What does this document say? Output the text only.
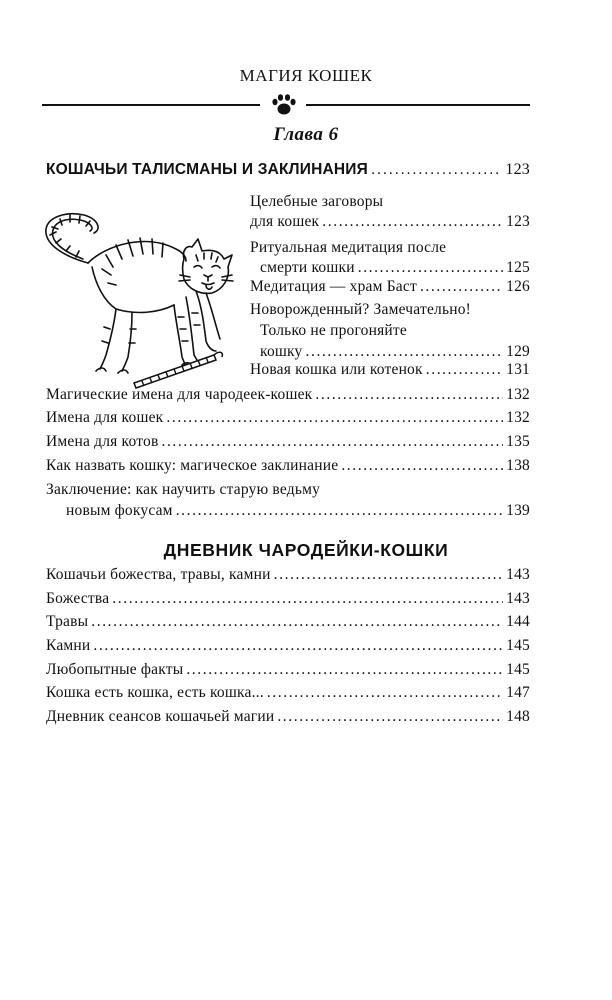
МАГИЯ КОШЕК
Глава 6
КОШАЧЬИ ТАЛИСМАНЫ И ЗАКЛИНАНИЯ .....	123
Целебные заговоры
для кошек .....	123
Ритуальная медитация после
смерти кошки .....	125
Медитация — храм Баст .....	126
Новорожденный? Замечательно!
Только не прогоняйте
кошку .....	129
Новая кошка или котенок .....	131
Магические имена для чародеек-кошек .....	132
Имена для кошек .....	132
Имена для котов .....	135
Как назвать кошку: магическое заклинание .....	138
Заключение: как научить старую ведьму
новым фокусам .....	139
ДНЕВНИК ЧАРОДЕЙКИ-КОШКИ
Кошачьи божества, травы, камни .....	143
Божества .....	143
Травы .....	144
Камни .....	145
Любопытные факты .....	145
Кошка есть кошка, есть кошка... .....	147
Дневник сеансов кошачьей магии .....	148
